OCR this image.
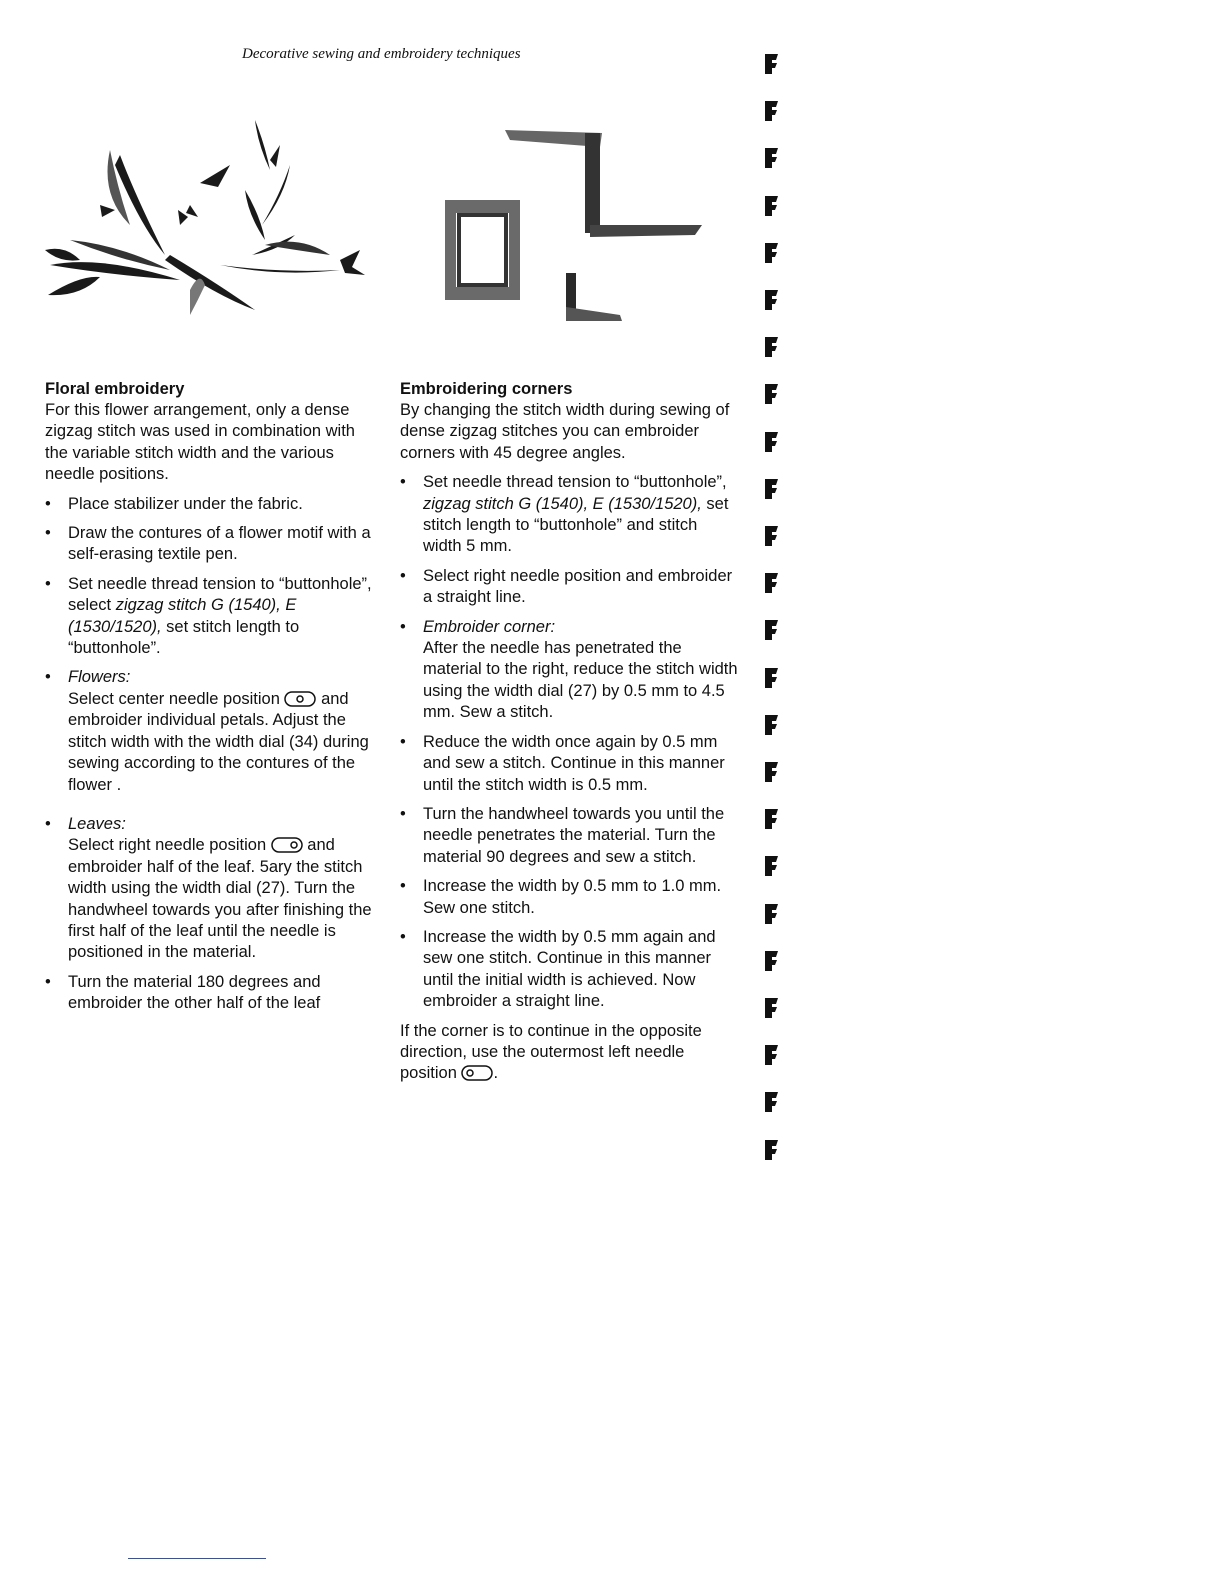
Decorative sewing and embroidery techniques
Floral embroidery

For this flower arrangement, only a dense zigzag stitch was used in combination with the variable stitch width and the various needle positions.

• Place stabilizer under the fabric.
• Draw the contures of a flower motif with a self-erasing textile pen.
• Set needle thread tension to “buttonhole”, select zigzag stitch G (1540), E (1530/1520), set stitch length to “buttonhole”.
• Flowers:
Select center needle position  and embroider individual petals. Adjust the stitch width with the width dial (34) during sewing according to the contures of the flower .
• Leaves:
Select right needle position  and embroider half of the leaf. 5ary the stitch width using the width dial (27). Turn the handwheel towards you after finishing the first half of the leaf until the needle is positioned in the material.
• Turn the material 180 degrees and embroider the other half of the leaf
Embroidering corners

By changing the stitch width during sewing of dense zigzag stitches you can embroider corners with 45 degree angles.

• Set needle thread tension to “buttonhole”, zigzag stitch G (1540), E (1530/1520), set stitch length to “buttonhole” and stitch width 5 mm.
• Select right needle position and embroider a straight line.
• Embroider corner:
After the needle has penetrated the material to the right, reduce the stitch width using the width dial (27) by 0.5 mm to 4.5 mm. Sew a stitch.
• Reduce the width once again by 0.5 mm and sew a stitch. Continue in this manner until the stitch width is 0.5 mm.
• Turn the handwheel towards you until the needle penetrates the material. Turn the material 90 degrees and sew a stitch.
• Increase the width by 0.5 mm to 1.0 mm. Sew one stitch.
• Increase the width by 0.5 mm again and sew one stitch. Continue in this manner until the initial width is achieved. Now embroider a straight line.

If the corner is to continue in the opposite direction, use the outermost left needle position .
